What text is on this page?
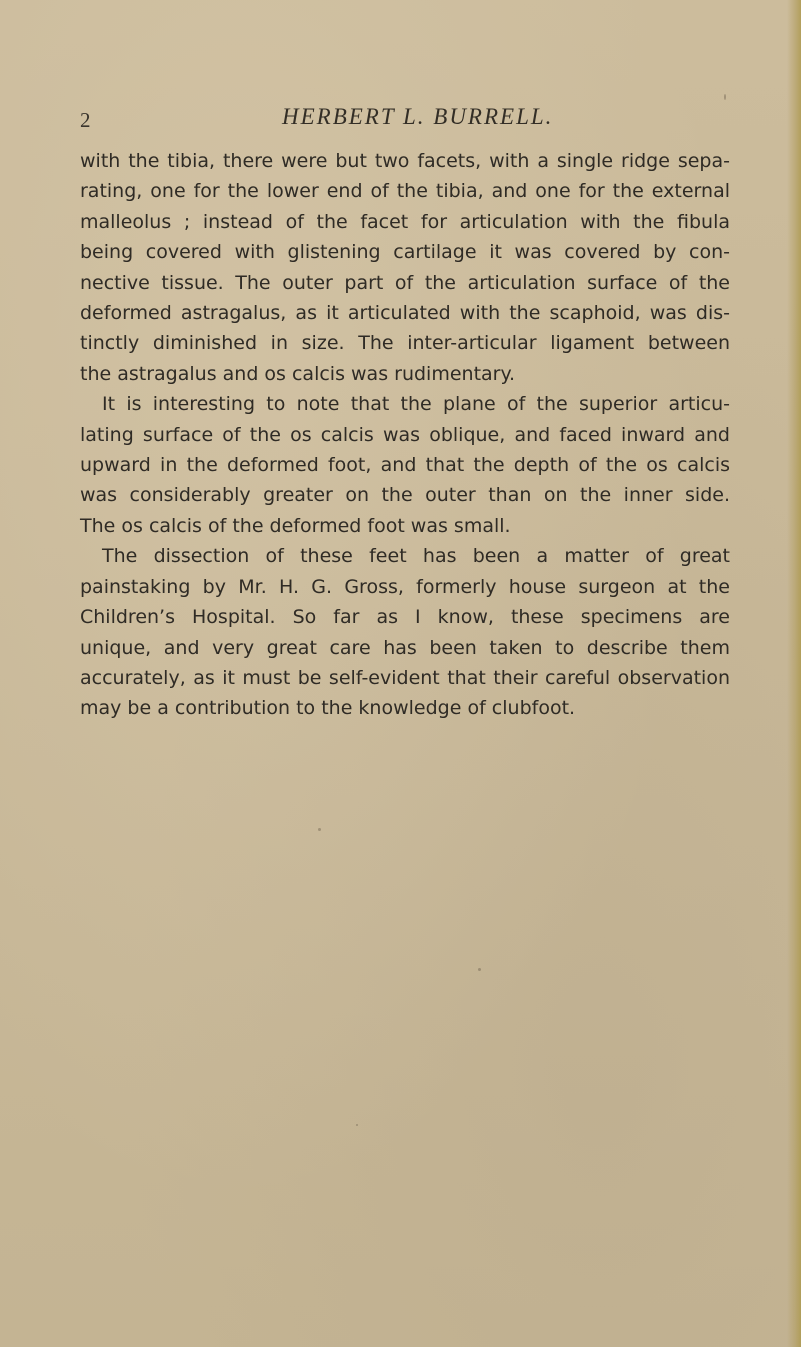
2	HERBERT L. BURRELL.
with the tibia, there were but two facets, with a single ridge sepa-
rating, one for the lower end of the tibia, and one for the external
malleolus ; instead of the facet for articulation with the fibula
being covered with glistening cartilage it was covered by con-
nective tissue. The outer part of the articulation surface of the
deformed astragalus, as it articulated with the scaphoid, was dis-
tinctly diminished in size. The inter-articular ligament between
the astragalus and os calcis was rudimentary.
It is interesting to note that the plane of the superior articu-
lating surface of the os calcis was oblique, and faced inward and
upward in the deformed foot, and that the depth of the os calcis
was considerably greater on the outer than on the inner side.
The os calcis of the deformed foot was small.
The dissection of these feet has been a matter of great
painstaking by Mr. H. G. Gross, formerly house surgeon at the
Children’s Hospital. So far as I know, these specimens are
unique, and very great care has been taken to describe them
accurately, as it must be self-evident that their careful observation
may be a contribution to the knowledge of clubfoot.
